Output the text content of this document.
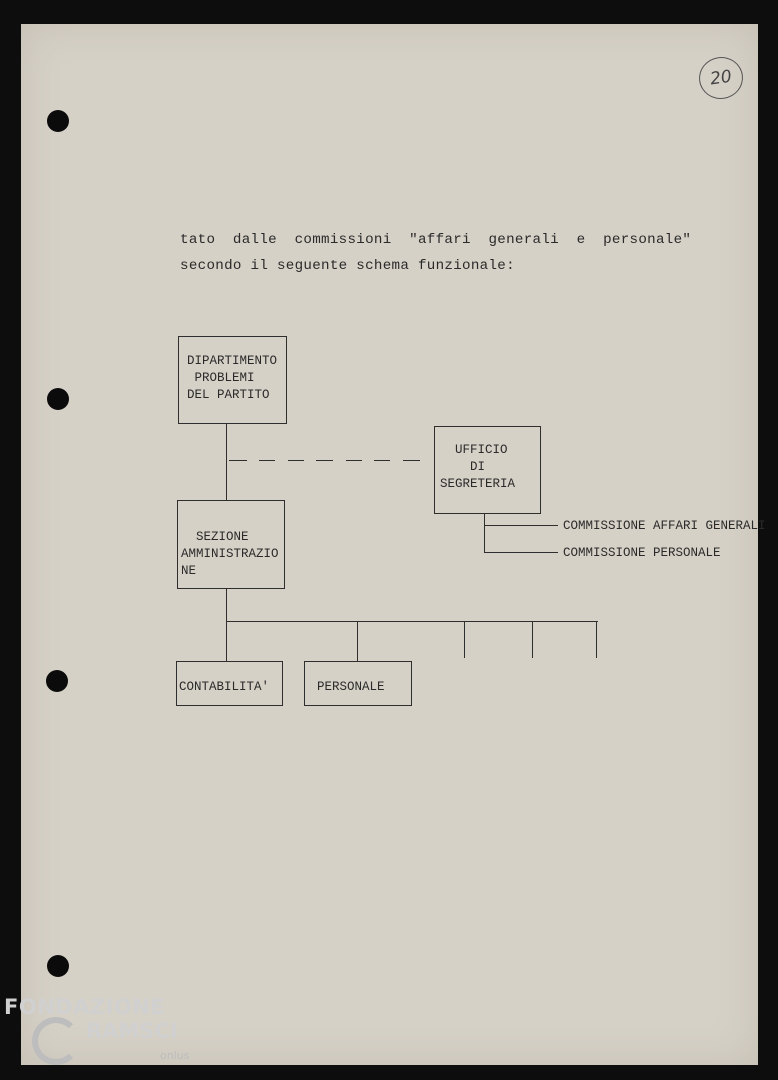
20
tato  dalle  commissioni  "affari  generali  e  personale"
secondo il seguente schema funzionale:
DIPARTIMENTO
PROBLEMI
DEL PARTITO
UFFICIO
DI
SEGRETERIA
SEZIONE
AMMINISTRAZIO
NE
CONTABILITA'	PERSONALE
COMMISSIONE AFFARI GENERALI
COMMISSIONE PERSONALE
FONDAZIONE
RAMSCI
onlus
